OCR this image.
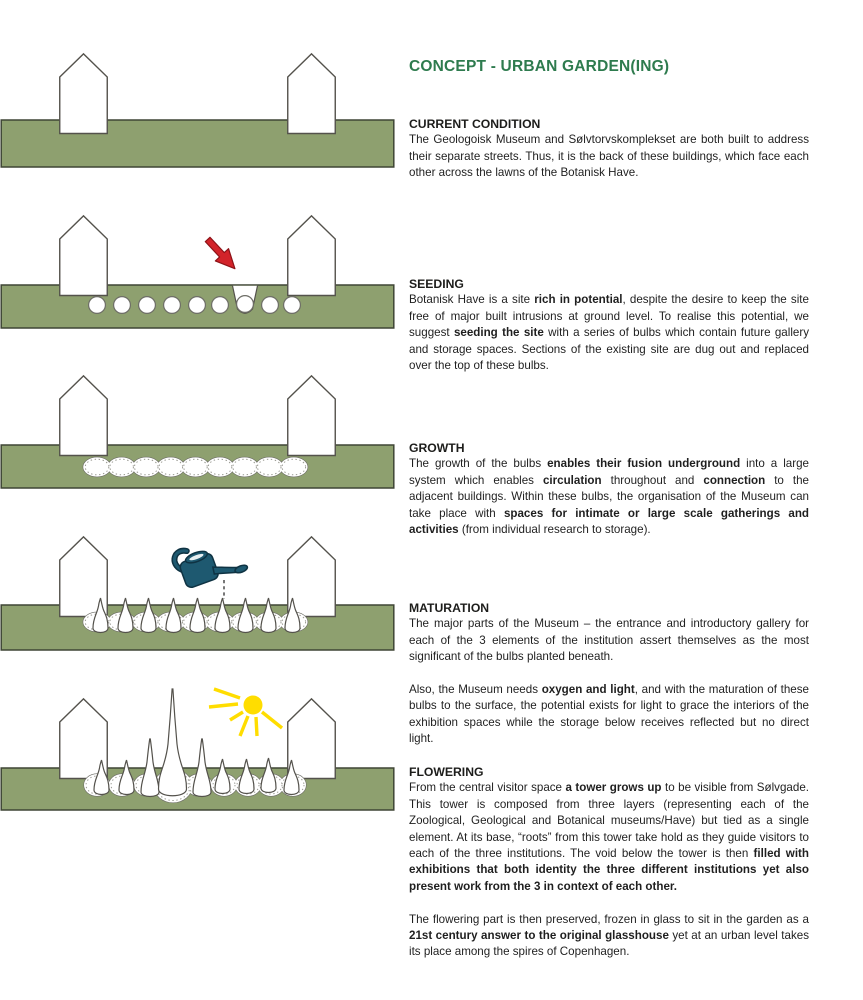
CONCEPT - URBAN GARDEN(ING)
CURRENT CONDITION

The Geologoisk Museum and Sølvtorvskomplekset are both built to address their separate streets. Thus, it is the back of these buildings, which face each other across the lawns of the Botanisk Have.

SEEDING

Botanisk Have is a site rich in potential, despite the desire to keep the site free of major built intrusions at ground level. To realise this potential, we suggest seeding the site with a series of bulbs which contain future gallery and storage spaces. Sections of the existing site are dug out and replaced over the top of these bulbs.

GROWTH

The growth of the bulbs enables their fusion underground into a large system which enables circulation throughout and connection to the adjacent buildings. Within these bulbs, the organisation of the Museum can take place with spaces for intimate or large scale gatherings and activities (from individual research to storage).

MATURATION

The major parts of the Museum – the entrance and introductory gallery for each of the 3 elements of the institution assert themselves as the most significant of the bulbs planted beneath.

Also, the Museum needs oxygen and light, and with the maturation of these bulbs to the surface, the potential exists for light to grace the interiors of the exhibition spaces while the storage below receives reflected but no direct light.

FLOWERING

From the central visitor space a tower grows up to be visible from Sølvgade. This tower is composed from three layers (representing each of the Zoological, Geological and Botanical museums/Have) but tied as a single element. At its base, “roots” from this tower take hold as they guide visitors to each of the three institutions. The void below the tower is then filled with exhibitions that both identity the three different institutions yet also present work from the 3 in context of each other.

The flowering part is then preserved, frozen in glass to sit in the garden as a 21st century answer to the original glasshouse yet at an urban level takes its place among the spires of Copenhagen.
